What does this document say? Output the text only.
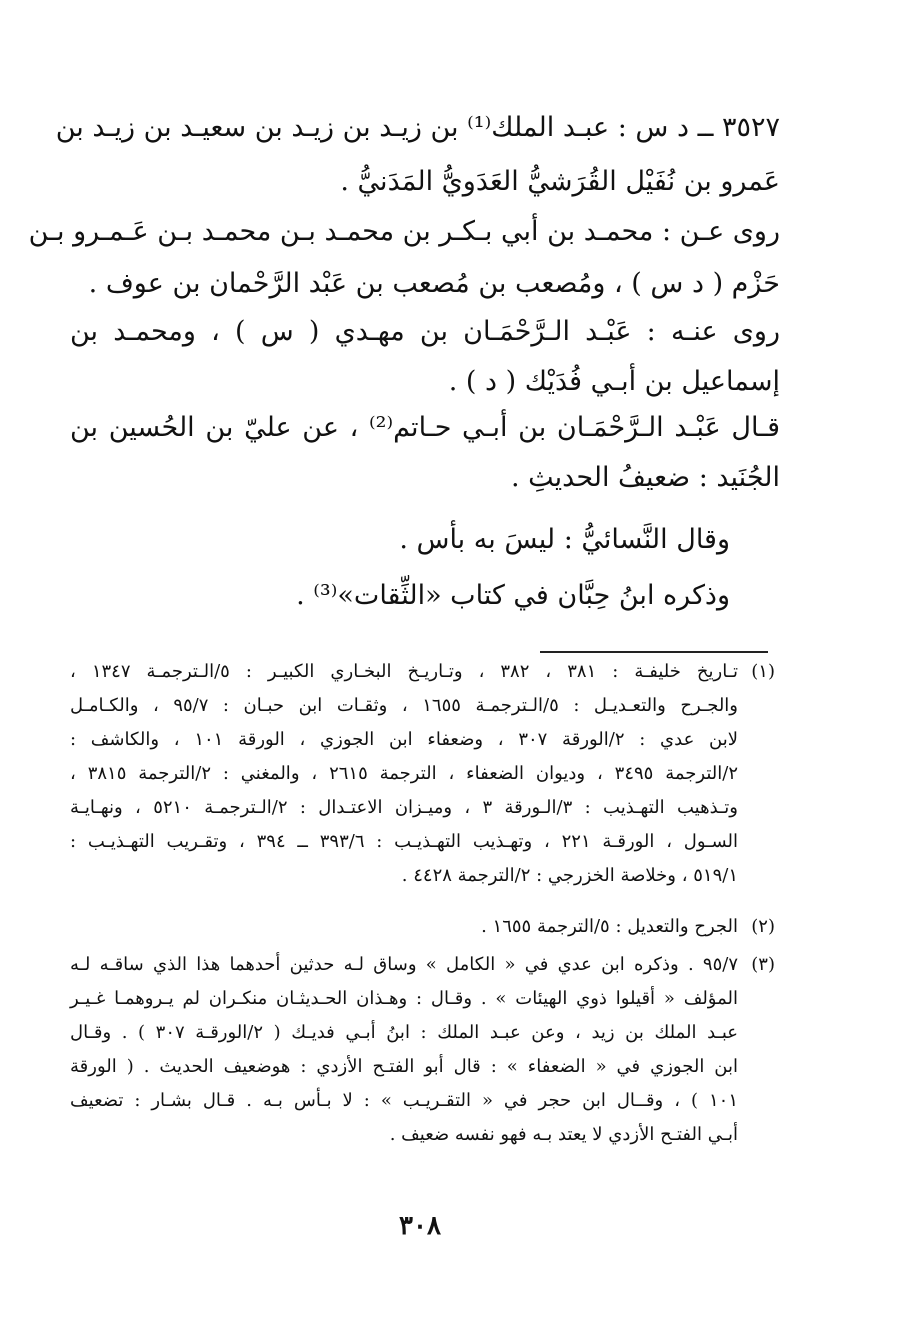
٣٥٢٧ ــ د س : عبـد الملك⁽¹⁾ بن زيـد بن زيـد بن سعيـد بن زيـد بن
عَمرو بن نُفَيْل القُرَشيُّ العَدَويُّ المَدَنيُّ .
روى عـن : محمـد بن أبي بـكـر بن محمـد بـن محمـد بـن عَـمـرو بـن
حَزْم ( د س ) ، ومُصعب بن مُصعب بن عَبْد الرَّحْمان بن عوف .
روى عنـه : عَبْـد الـرَّحْمَـان بن مهـدي ( س ) ، ومحمـد بن
إسماعيل بن أبـي فُدَيْك ( د ) .
قـال عَبْـد الـرَّحْمَـان بن أبـي حـاتم⁽²⁾ ، عن عليّ بن الحُسين بن
الجُنَيد : ضعيفُ الحديثِ .
وقال النَّسائيُّ : ليسَ به بأس .
وذكره ابنُ حِبَّان في كتاب «الثِّقات»⁽³⁾ .
(١)
تـاريخ خليفـة : ٣٨١ ، ٣٨٢ ، وتـاريـخ البخـاري الكبيـر : ٥/الـترجمـة ١٣٤٧ ،
والجـرح والتعـديـل : ٥/الـترجمـة ١٦٥٥ ، وثقـات ابن حبـان : ٩٥/٧ ، والكـامـل
لابن عدي : ٢/الورقة ٣٠٧ ، وضعفاء ابن الجوزي ، الورقة ١٠١ ، والكاشف :
٢/الترجمة ٣٤٩٥ ، وديوان الضعفاء ، الترجمة ٢٦١٥ ، والمغني : ٢/الترجمة ٣٨١٥ ،
وتـذهيب التهـذيب : ٣/الـورقة ٣ ، وميـزان الاعتـدال : ٢/الـترجمـة ٥٢١٠ ، ونهـايـة
السـول ، الورقـة ٢٢١ ، وتهـذيب التهـذيـب : ٣٩٣/٦ ــ ٣٩٤ ، وتقـريب التهـذيـب :
٥١٩/١ ، وخلاصة الخزرجي : ٢/الترجمة ٤٤٢٨ .
(٢)
الجرح والتعديل : ٥/الترجمة ١٦٥٥ .
(٣)
٩٥/٧ . وذكره ابن عدي في « الكامل » وساق لـه حدثين أحدهما هذا الذي ساقـه لـه
المؤلف « أقيلوا ذوي الهيئات » . وقـال : وهـذان الحـديثـان منكـران لم يـروهمـا غـيـر
عبـد الملك بن زيد ، وعن عبـد الملك : ابنُ أبـي فديـك ( ٢/الورقـة ٣٠٧ ) . وقـال
ابن الجوزي في « الضعفاء » : قال أبو الفتـح الأزدي : هوضعيف الحديث . ( الورقة
١٠١ ) ، وقــال ابن حجر في « التقـريـب » : لا بـأس بـه . قـال بشـار : تضعيف
أبـي الفتـح الأزدي لا يعتد بـه فهو نفسه ضعيف .
٣٠٨
